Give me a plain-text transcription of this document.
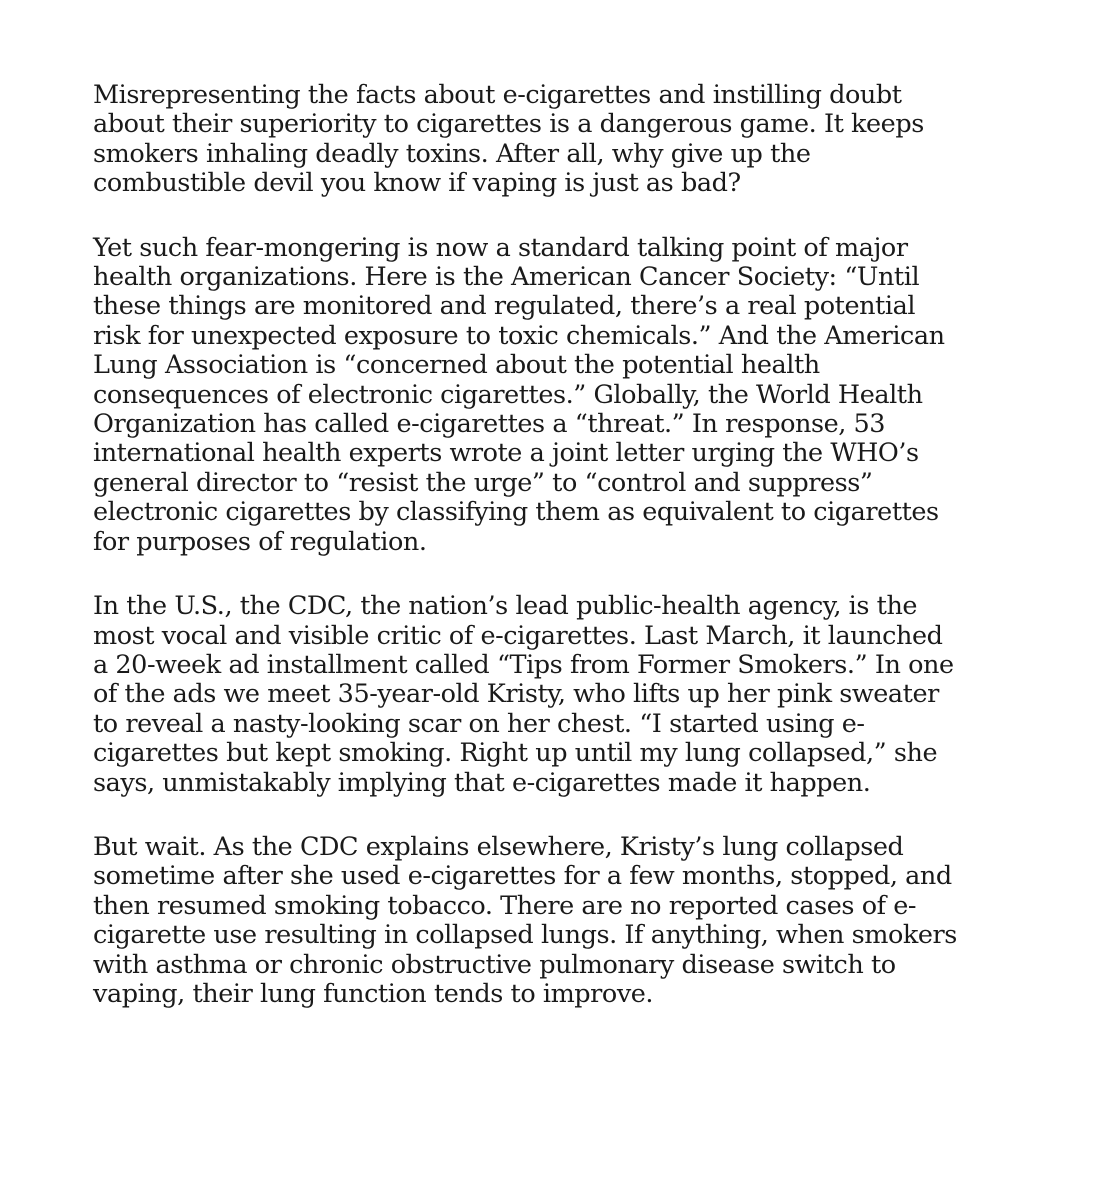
Misrepresenting the facts about e-cigarettes and instilling doubt
about their superiority to cigarettes is a dangerous game. It keeps
smokers inhaling deadly toxins. After all, why give up the
combustible devil you know if vaping is just as bad?

Yet such fear-mongering is now a standard talking point of major
health organizations. Here is the American Cancer Society: “Until
these things are monitored and regulated, there’s a real potential
risk for unexpected exposure to toxic chemicals.” And the American
Lung Association is “concerned about the potential health
consequences of electronic cigarettes.” Globally, the World Health
Organization has called e-cigarettes a “threat.” In response, 53
international health experts wrote a joint letter urging the WHO’s
general director to “resist the urge” to “control and suppress”
electronic cigarettes by classifying them as equivalent to cigarettes
for purposes of regulation.

In the U.S., the CDC, the nation’s lead public-health agency, is the
most vocal and visible critic of e-cigarettes. Last March, it launched
a 20-week ad installment called “Tips from Former Smokers.” In one
of the ads we meet 35-year-old Kristy, who lifts up her pink sweater
to reveal a nasty-looking scar on her chest. “I started using e-
cigarettes but kept smoking. Right up until my lung collapsed,” she
says, unmistakably implying that e-cigarettes made it happen.

But wait. As the CDC explains elsewhere, Kristy’s lung collapsed
sometime after she used e-cigarettes for a few months, stopped, and
then resumed smoking tobacco. There are no reported cases of e-
cigarette use resulting in collapsed lungs. If anything, when smokers
with asthma or chronic obstructive pulmonary disease switch to
vaping, their lung function tends to improve.
